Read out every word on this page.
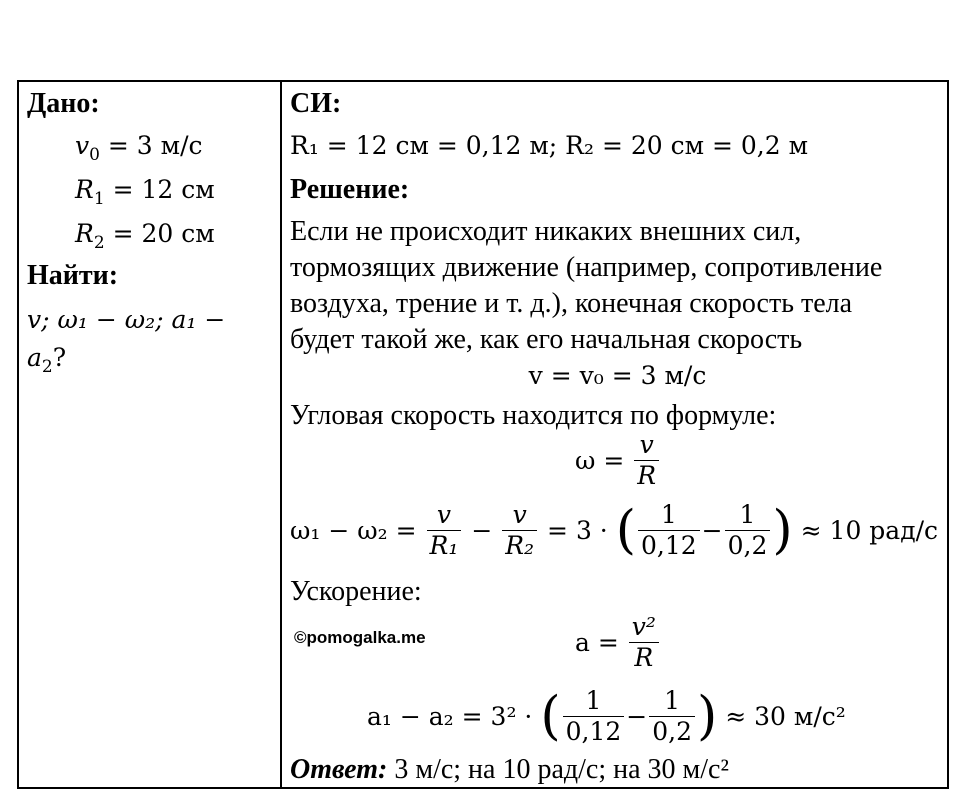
Дано:
$v_0 = 3$ м/с
$R_1 = 12$ см
$R_2 = 20$ см
Найти:
v; ω₁ − ω₂; a₁ −
$a_2$?
СИ:
R₁ = 12 см = 0,12 м; R₂ = 20 см = 0,2 м
Решение:
Если не происходит никаких внешних сил,
тормозящих движение (например, сопротивление
воздуха, трение и т. д.), конечная скорость тела
будет такой же, как его начальная скорость
v = v₀ = 3 м/с
Угловая скорость находится по формуле:
$\omega = \frac{v}{R}$
$\omega_1 - \omega_2 = \frac{v}{\text{R₁}} - \frac{v}{\text{R₂}} = 3$ · ( $\frac{1}{0,12} - \frac{1}{0,2}$ ) ≈ 10 рад/с
Ускорение:
$a = \frac{\text{v²}}{R}$
a₁ − a₂ = 3² · ( $\frac{1}{0,12} - \frac{1}{0,2}$ ) ≈ 30 м/с²
Ответ: 3 м/с; на 10 рад/с; на 30 м/с²
©pomogalka.me
